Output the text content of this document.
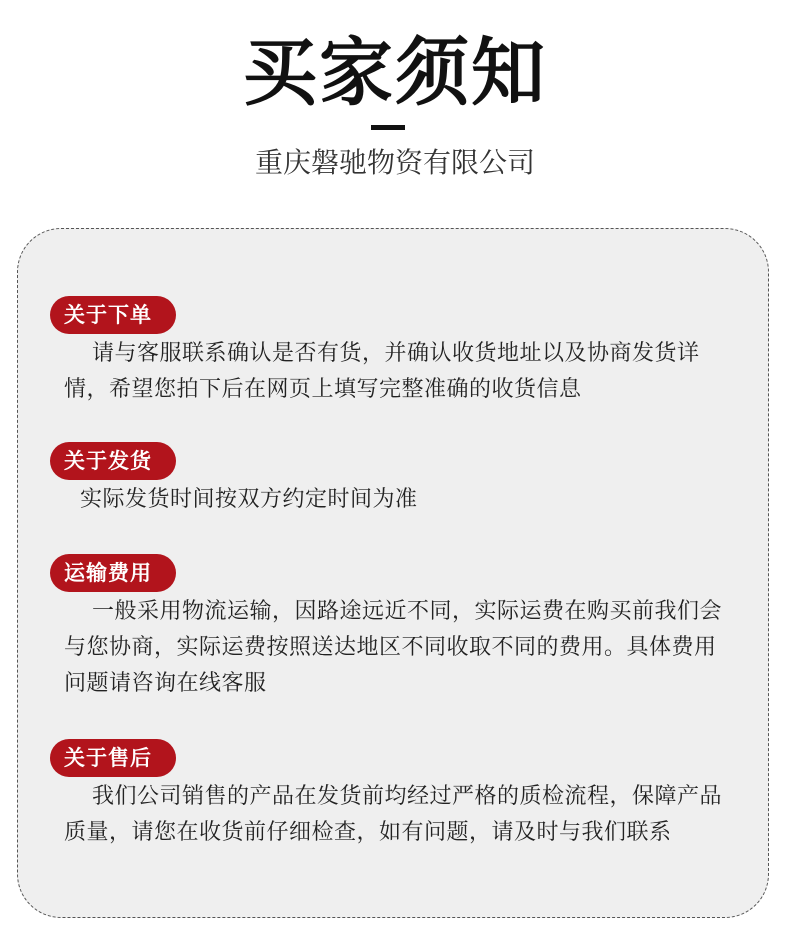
买家须知
重庆磐驰物资有限公司
关于下单
请与客服联系确认是否有货，并确认收货地址以及协商发货详情，希望您拍下后在网页上填写完整准确的收货信息
关于发货
实际发货时间按双方约定时间为准
运输费用
一般采用物流运输，因路途远近不同，实际运费在购买前我们会与您协商，实际运费按照送达地区不同收取不同的费用。具体费用问题请咨询在线客服
关于售后
我们公司销售的产品在发货前均经过严格的质检流程，保障产品质量，请您在收货前仔细检查，如有问题，请及时与我们联系
